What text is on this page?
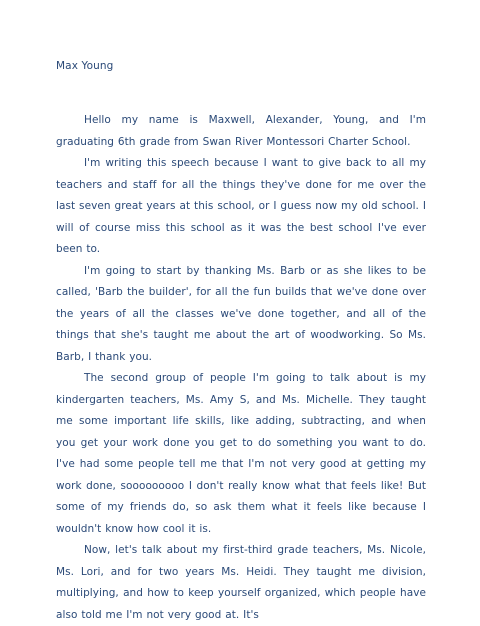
Max Young

Hello my name is Maxwell, Alexander, Young, and I'm graduating 6th grade from Swan River Montessori Charter School.

I'm writing this speech because I want to give back to all my teachers and staff for all the things they've done for me over the last seven great years at this school, or I guess now my old school. I will of course miss this school as it was the best school I've ever been to.

I'm going to start by thanking Ms. Barb or as she likes to be called, 'Barb the builder', for all the fun builds that we've done over the years of all the classes we've done together, and all of the things that she's taught me about the art of woodworking. So Ms. Barb, I thank you.

The second group of people I'm going to talk about is my kindergarten teachers, Ms. Amy S, and Ms. Michelle. They taught me some important life skills, like adding, subtracting, and when you get your work done you get to do something you want to do. I've had some people tell me that I'm not very good at getting my work done, sooooooooo I don't really know what that feels like! But some of my friends do, so ask them what it feels like because I wouldn't know how cool it is.

Now, let's talk about my first-third grade teachers, Ms. Nicole, Ms. Lori, and for two years Ms. Heidi. They taught me division, multiplying, and how to keep yourself organized, which people have also told me I'm not very good at. It's
